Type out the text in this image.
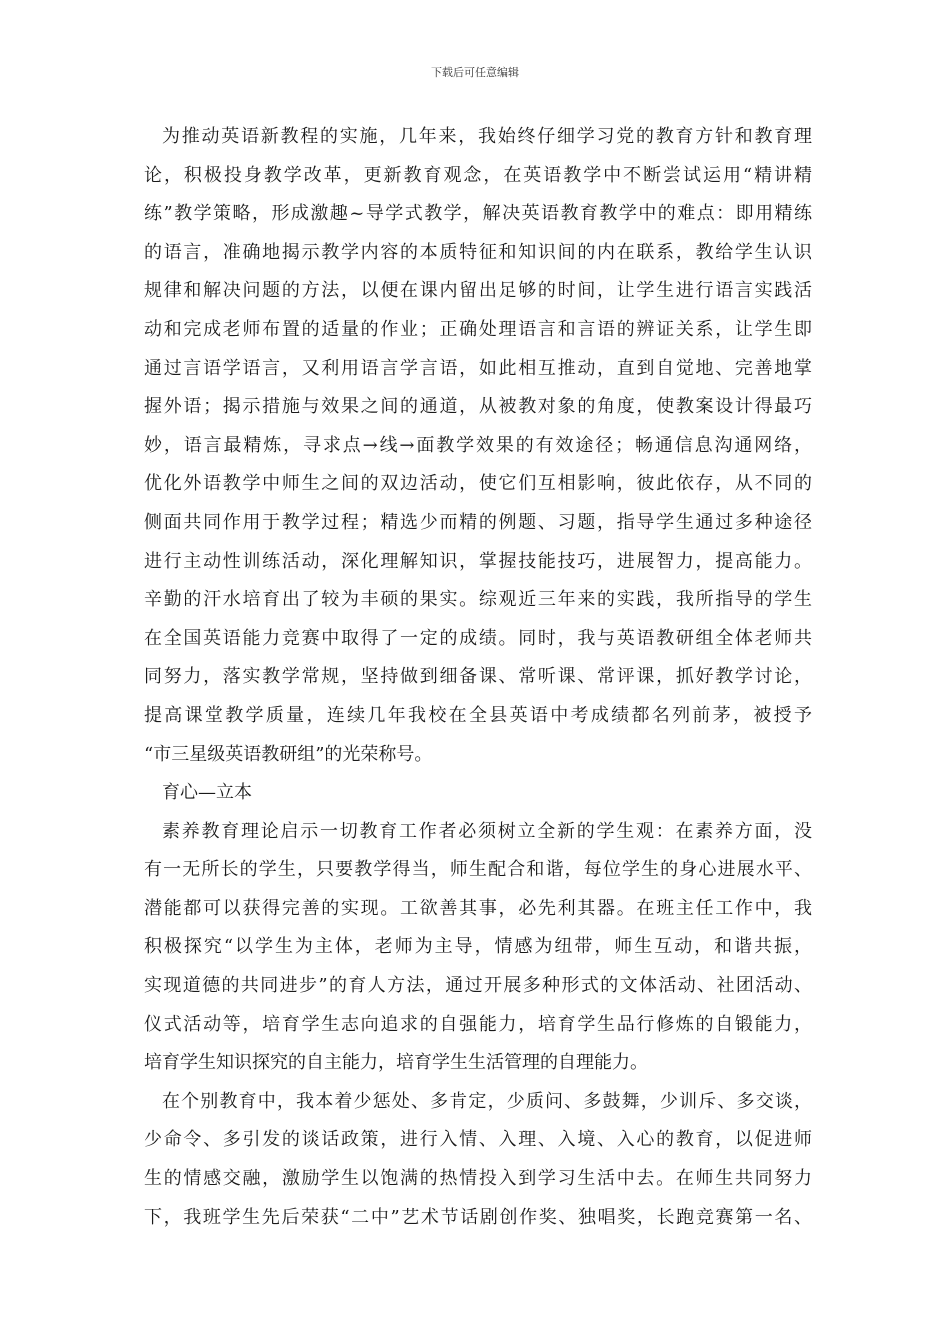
下载后可任意编辑
为推动英语新教程的实施，几年来，我始终仔细学习党的教育方针和教育理
论，积极投身教学改革，更新教育观念，在英语教学中不断尝试运用“精讲精
练”教学策略，形成激趣~导学式教学，解决英语教育教学中的难点：即用精练
的语言，准确地揭示教学内容的本质特征和知识间的内在联系，教给学生认识
规律和解决问题的方法，以便在课内留出足够的时间，让学生进行语言实践活
动和完成老师布置的适量的作业；正确处理语言和言语的辨证关系，让学生即
通过言语学语言，又利用语言学言语，如此相互推动，直到自觉地、完善地掌
握外语；揭示措施与效果之间的通道，从被教对象的角度，使教案设计得最巧
妙，语言最精炼，寻求点→线→面教学效果的有效途径；畅通信息沟通网络，
优化外语教学中师生之间的双边活动，使它们互相影响，彼此依存，从不同的
侧面共同作用于教学过程；精选少而精的例题、习题，指导学生通过多种途径
进行主动性训练活动，深化理解知识，掌握技能技巧，进展智力，提高能力。
辛勤的汗水培育出了较为丰硕的果实。综观近三年来的实践，我所指导的学生
在全国英语能力竞赛中取得了一定的成绩。同时，我与英语教研组全体老师共
同努力，落实教学常规，坚持做到细备课、常听课、常评课，抓好教学讨论，
提高课堂教学质量，连续几年我校在全县英语中考成绩都名列前茅，被授予
“市三星级英语教研组”的光荣称号。
育心—立本
素养教育理论启示一切教育工作者必须树立全新的学生观：在素养方面，没
有一无所长的学生，只要教学得当，师生配合和谐，每位学生的身心进展水平、
潜能都可以获得完善的实现。工欲善其事，必先利其器。在班主任工作中，我
积极探究“以学生为主体，老师为主导，情感为纽带，师生互动，和谐共振，
实现道德的共同进步”的育人方法，通过开展多种形式的文体活动、社团活动、
仪式活动等，培育学生志向追求的自强能力，培育学生品行修炼的自锻能力，
培育学生知识探究的自主能力，培育学生生活管理的自理能力。
在个别教育中，我本着少惩处、多肯定，少质问、多鼓舞，少训斥、多交谈，
少命令、多引发的谈话政策，进行入情、入理、入境、入心的教育，以促进师
生的情感交融，激励学生以饱满的热情投入到学习生活中去。在师生共同努力
下，我班学生先后荣获“二中”艺术节话剧创作奖、独唱奖，长跑竞赛第一名、
